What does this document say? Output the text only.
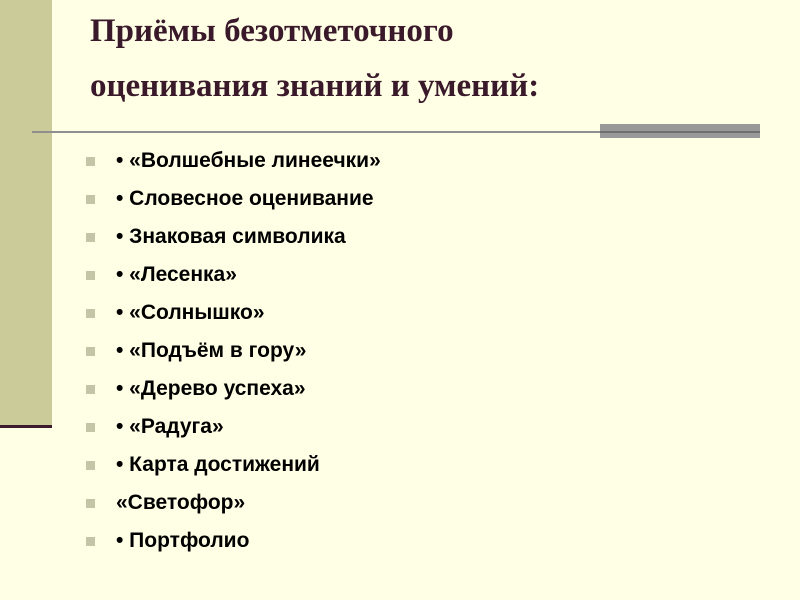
Приёмы безотметочного
оценивания знаний и умений:
• «Волшебные линеечки»
• Словесное оценивание
• Знаковая символика
• «Лесенка»
• «Солнышко»
• «Подъём в гору»
• «Дерево успеха»
• «Радуга»
• Карта достижений
«Светофор»
• Портфолио
